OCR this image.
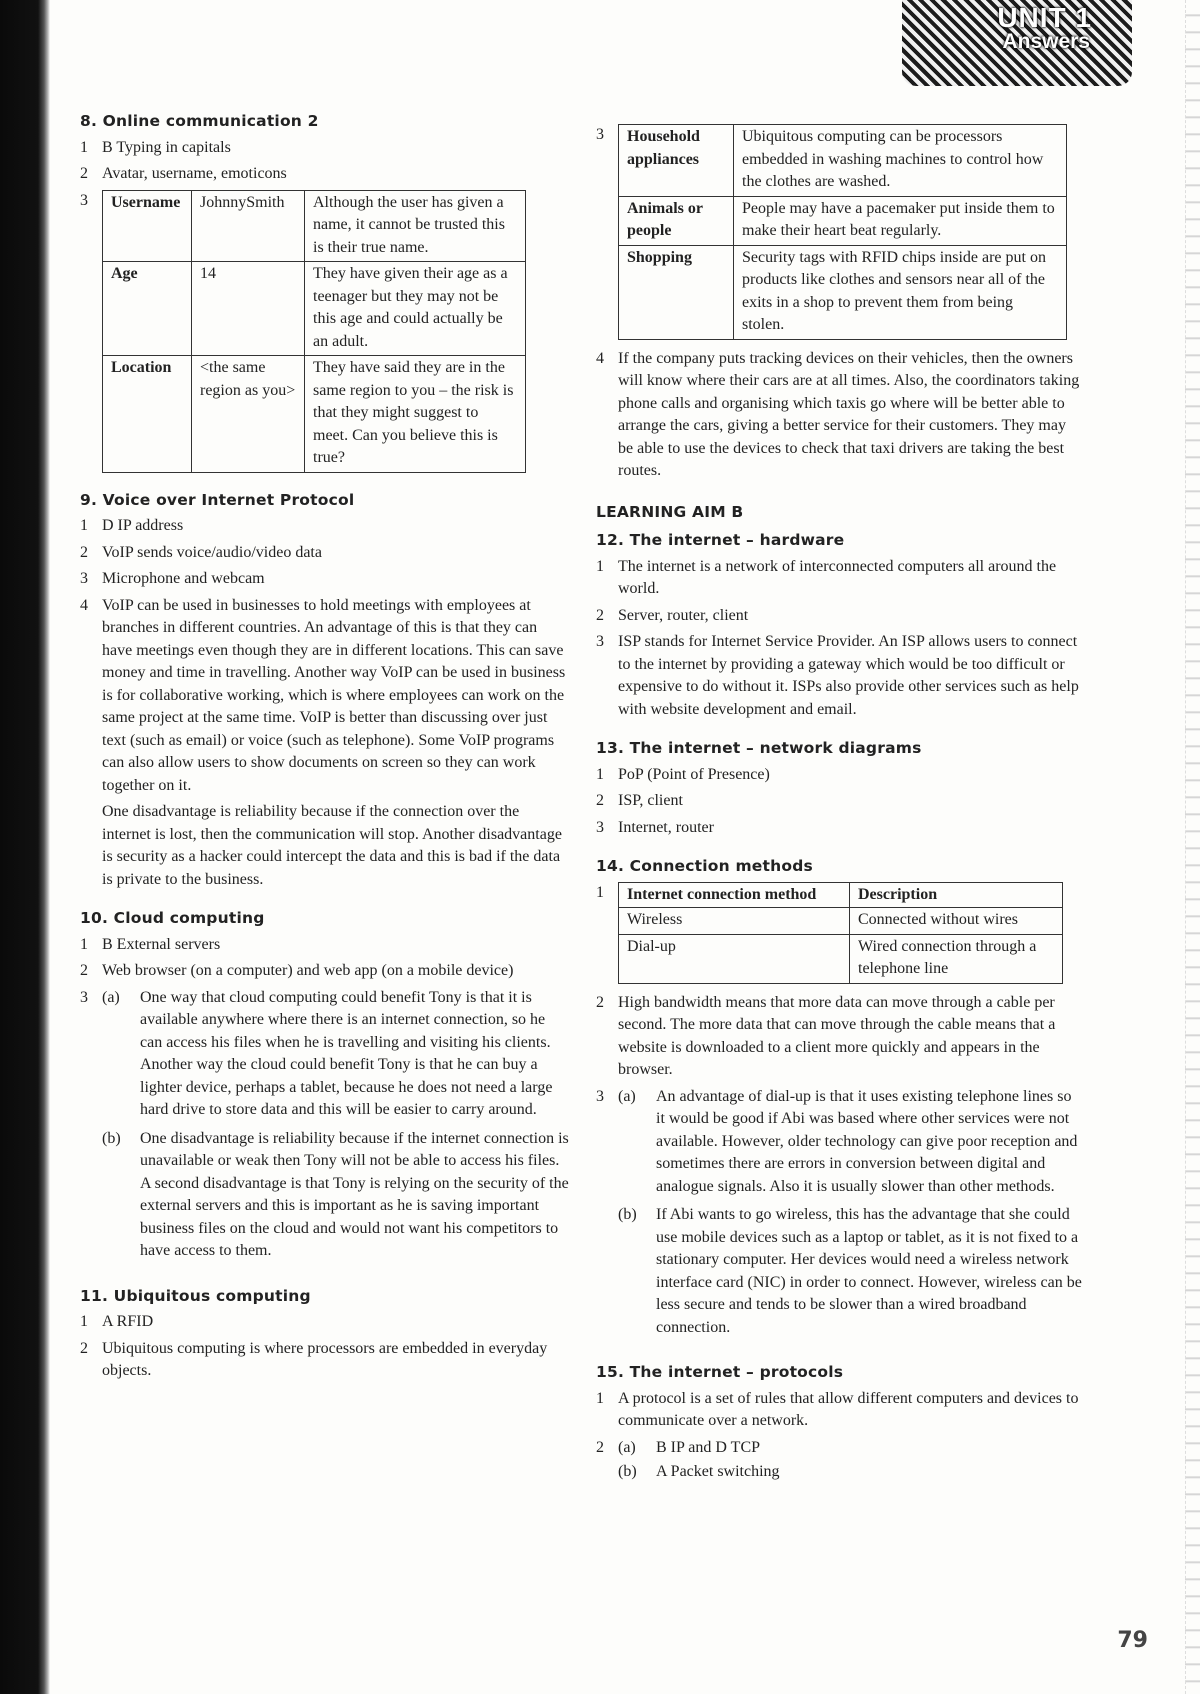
UNIT 1
Answers
8. Online communication 2
1 B Typing in capitals
2 Avatar, username, emoticons
3	Username	JohnnySmith	Although the user has given a name, it cannot be trusted this is their true name.
Age	14	They have given their age as a teenager but they may not be this age and could actually be an adult.
Location	<the same region as you>	They have said they are in the same region to you – the risk is that they might suggest to meet. Can you believe this is true?
9. Voice over Internet Protocol
1 D IP address
2 VoIP sends voice/audio/video data
3 Microphone and webcam
4 VoIP can be used in businesses to hold meetings with employees at branches in different countries. An advantage of this is that they can have meetings even though they are in different locations. This can save money and time in travelling. Another way VoIP can be used in business is for collaborative working, which is where employees can work on the same project at the same time. VoIP is better than discussing over just text (such as email) or voice (such as telephone). Some VoIP programs can also allow users to show documents on screen so they can work together on it.

One disadvantage is reliability because if the connection over the internet is lost, then the communication will stop. Another disadvantage is security as a hacker could intercept the data and this is bad if the data is private to the business.

10. Cloud computing
1 B External servers
2 Web browser (on a computer) and web app (on a mobile device)
3 (a)	One way that cloud computing could benefit Tony is that it is available anywhere where there is an internet connection, so he can access his files when he is travelling and visiting his clients. Another way the cloud could benefit Tony is that he can buy a lighter device, perhaps a tablet, because he does not need a large hard drive to store data and this will be easier to carry around.
(b)	One disadvantage is reliability because if the internet connection is unavailable or weak then Tony will not be able to access his files. A second disadvantage is that Tony is relying on the security of the external servers and this is important as he is saving important business files on the cloud and would not want his competitors to have access to them.
11. Ubiquitous computing
1 A RFID
2 Ubiquitous computing is where processors are embedded in everyday objects.
3	Household appliances	Ubiquitous computing can be processors embedded in washing machines to control how the clothes are washed.
Animals or people	People may have a pacemaker put inside them to make their heart beat regularly.
Shopping	Security tags with RFID chips inside are put on products like clothes and sensors near all of the exits in a shop to prevent them from being stolen.
4 If the company puts tracking devices on their vehicles, then the owners will know where their cars are at all times. Also, the coordinators taking phone calls and organising which taxis go where will be better able to arrange the cars, giving a better service for their customers. They may be able to use the devices to check that taxi drivers are taking the best routes.
LEARNING AIM B
12. The internet – hardware
1 The internet is a network of interconnected computers all around the world.
2 Server, router, client
3 ISP stands for Internet Service Provider. An ISP allows users to connect to the internet by providing a gateway which would be too difficult or expensive to do without it. ISPs also provide other services such as help with website development and email.
13. The internet – network diagrams
1 PoP (Point of Presence)
2 ISP, client
3 Internet, router
14. Connection methods
1	Internet connection method	Description
Wireless	Connected without wires
Dial-up	Wired connection through a telephone line
2 High bandwidth means that more data can move through a cable per second. The more data that can move through the cable means that a website is downloaded to a client more quickly and appears in the browser.
3 (a)	An advantage of dial-up is that it uses existing telephone lines so it would be good if Abi was based where other services were not available. However, older technology can give poor reception and sometimes there are errors in conversion between digital and analogue signals. Also it is usually slower than other methods.
(b)	If Abi wants to go wireless, this has the advantage that she could use mobile devices such as a laptop or tablet, as it is not fixed to a stationary computer. Her devices would need a wireless network interface card (NIC) in order to connect. However, wireless can be less secure and tends to be slower than a wired broadband connection.
15. The internet – protocols
1 A protocol is a set of rules that allow different computers and devices to communicate over a network.
2 (a)	B IP and D TCP
(b)	A Packet switching
79
